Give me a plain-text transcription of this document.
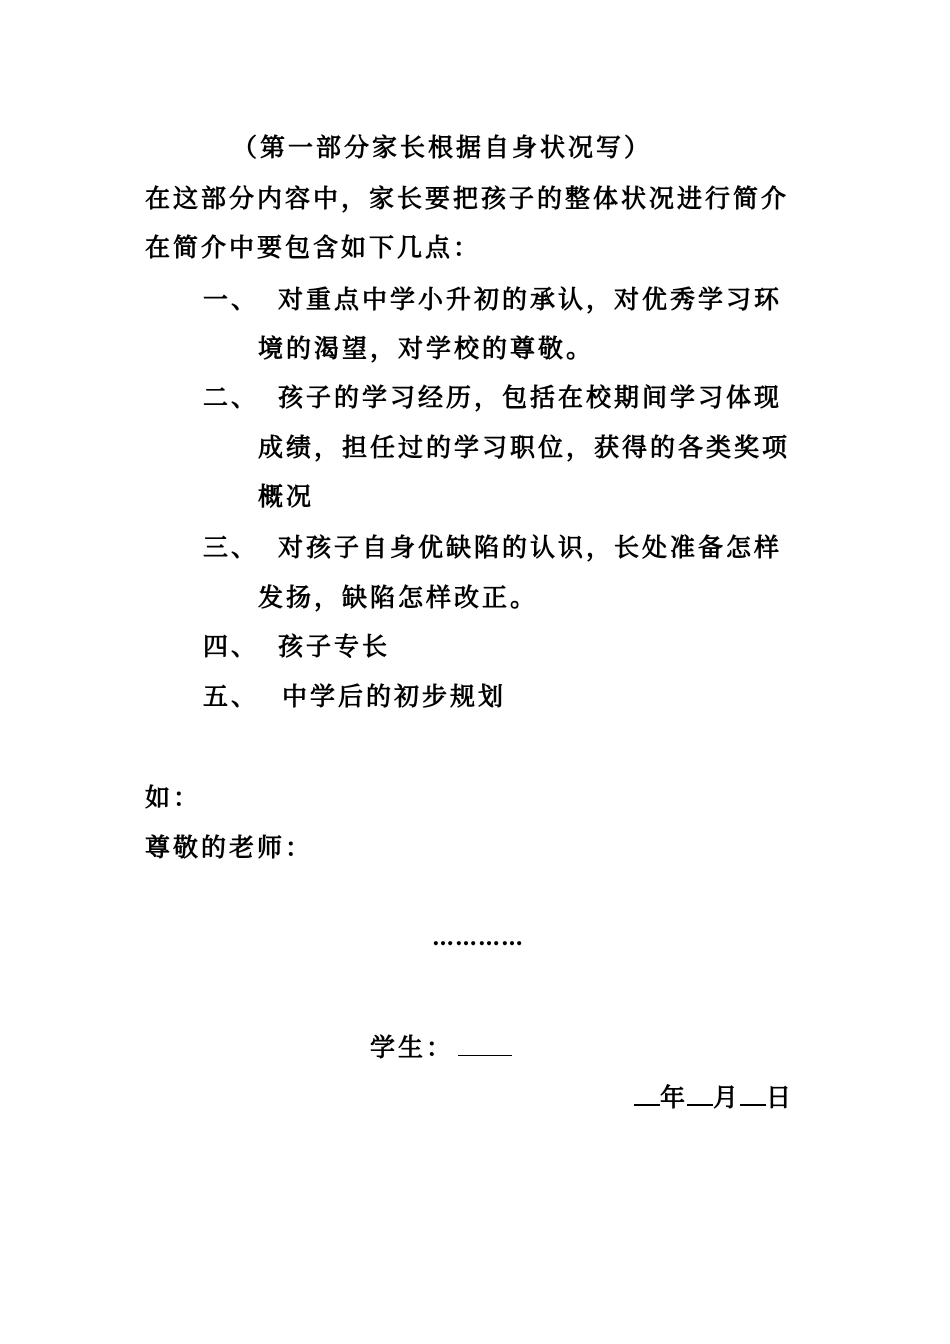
（第一部分家长根据自身状况写）
在这部分内容中，家长要把孩子的整体状况进行简介
在简介中要包含如下几点：
一、 对重点中学小升初的承认，对优秀学习环
境的渴望，对学校的尊敬。
二、 孩子的学习经历，包括在校期间学习体现
成绩，担任过的学习职位，获得的各类奖项
概况
三、 对孩子自身优缺陷的认识，长处准备怎样
发扬，缺陷怎样改正。
四、 孩子专长
五、 中学后的初步规划
如：
尊敬的老师：
…………
学生：
年 月 日
